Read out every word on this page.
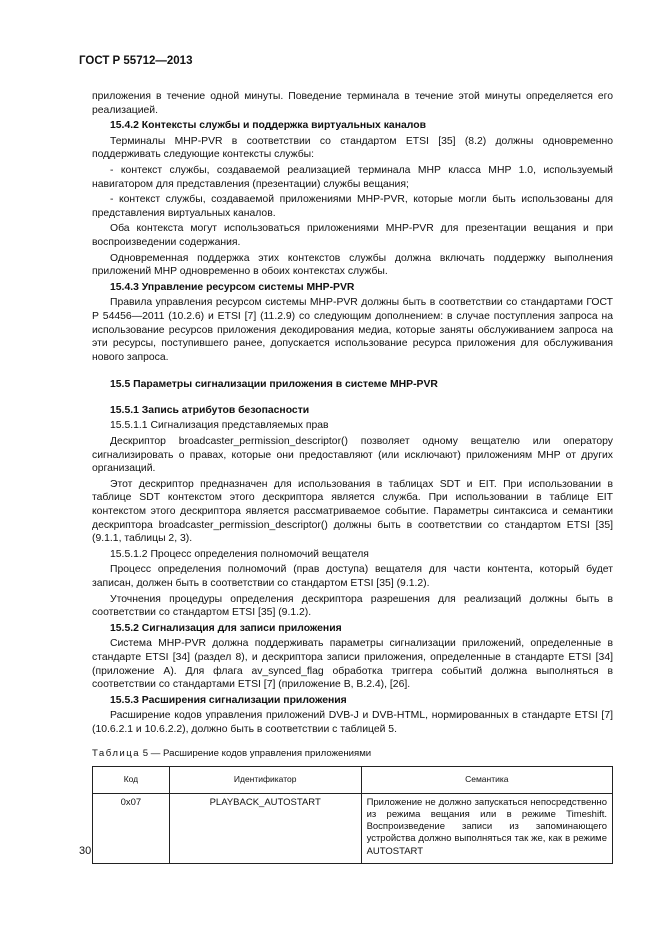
ГОСТ Р 55712—2013

приложения в течение одной минуты. Поведение терминала в течение этой минуты определяется его реализацией.

15.4.2 Контексты службы и поддержка виртуальных каналов

Терминалы MHP-PVR в соответствии со стандартом ETSI [35] (8.2) должны одновременно поддерживать следующие контексты службы:

- контекст службы, создаваемой реализацией терминала MHP класса MHP 1.0, используемый навигатором для представления (презентации) службы вещания;

- контекст службы, создаваемой приложениями MHP-PVR, которые могли быть использованы для представления виртуальных каналов.

Оба контекста могут использоваться приложениями MHP-PVR для презентации вещания и при воспроизведении содержания.

Одновременная поддержка этих контекстов службы должна включать поддержку выполнения приложений MHP одновременно в обоих контекстах службы.

15.4.3 Управление ресурсом системы MHP-PVR

Правила управления ресурсом системы MHP-PVR должны быть в соответствии со стандартами ГОСТ Р 54456—2011 (10.2.6) и ETSI [7] (11.2.9) со следующим дополнением: в случае поступления запроса на использование ресурсов приложения декодирования медиа, которые заняты обслуживанием запроса на эти ресурсы, поступившего ранее, допускается использование ресурса приложения для обслуживания нового запроса.

15.5 Параметры сигнализации приложения в системе MHP-PVR

15.5.1 Запись атрибутов безопасности

15.5.1.1 Сигнализация представляемых прав

Дескриптор broadcaster_permission_descriptor() позволяет одному вещателю или оператору сигнализировать о правах, которые они предоставляют (или исключают) приложениям MHP от других организаций.

Этот дескриптор предназначен для использования в таблицах SDT и EIT. При использовании в таблице SDT контекстом этого дескриптора является служба. При использовании в таблице EIT контекстом этого дескриптора является рассматриваемое событие. Параметры синтаксиса и семантики дескриптора broadcaster_permission_descriptor() должны быть в соответствии со стандартом ETSI [35] (9.1.1, таблицы 2, 3).

15.5.1.2 Процесс определения полномочий вещателя

Процесс определения полномочий (прав доступа) вещателя для части контента, который будет записан, должен быть в соответствии со стандартом ETSI [35] (9.1.2).

Уточнения процедуры определения дескриптора разрешения для реализаций должны быть в соответствии со стандартом ETSI [35] (9.1.2).

15.5.2 Сигнализация для записи приложения

Система MHP-PVR должна поддерживать параметры сигнализации приложений, определенные в стандарте ETSI [34] (раздел 8), и дескриптора записи приложения, определенные в стандарте ETSI [34] (приложение А). Для флага av_synced_flag обработка триггера событий должна выполняться в соответствии со стандартами ETSI [7] (приложение В, В.2.4), [26].

15.5.3 Расширения сигнализации приложения

Расширение кодов управления приложений DVB-J и DVB-HTML, нормированных в стандарте ETSI [7] (10.6.2.1 и 10.6.2.2), должно быть в соответствии с таблицей 5.

Таблица 5 — Расширение кодов управления приложениями
Код	Идентификатор	Семантика
0x07	PLAYBACK_AUTOSTART	Приложение не должно запускаться непосредственно из режима вещания или в режиме Timeshift. Воспроизведение записи из запоминающего устройства должно выполняться так же, как в режиме AUTOSTART
30
